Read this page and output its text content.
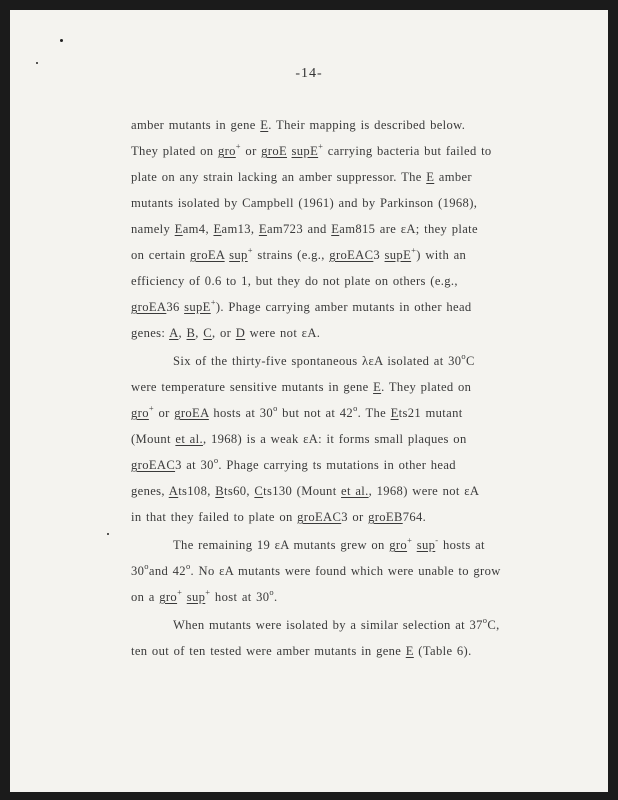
-14-
amber mutants in gene E. Their mapping is described below.
They plated on gro+ or groE supE+ carrying bacteria but failed to
plate on any strain lacking an amber suppressor. The E amber
mutants isolated by Campbell (1961) and by Parkinson (1968),
namely Eam4, Eam13, Eam723 and Eam815 are εA; they plate
on certain groEA sup+ strains (e.g., groEAC3 supE+) with an
efficiency of 0.6 to 1, but they do not plate on others (e.g.,
groEA36 supE+). Phage carrying amber mutants in other head
genes: A, B, C, or D were not εA.
Six of the thirty-five spontaneous λεA isolated at 30$^o$C
were temperature sensitive mutants in gene E. They plated on
gro+ or groEA hosts at 30$^o$ but not at 42$^o$. The Ets21 mutant
(Mount et al., 1968) is a weak εA: it forms small plaques on
groEAC3 at 30$^o$. Phage carrying ts mutations in other head
genes, Ats108, Bts60, Cts130 (Mount et al., 1968) were not εA
in that they failed to plate on groEAC3 or groEB764.
The remaining 19 εA mutants grew on gro+ sup- hosts at
30$^o$and 42$^o$. No εA mutants were found which were unable to grow
on a gro+ sup+ host at 30$^o$.
When mutants were isolated by a similar selection at 37$^o$C,
ten out of ten tested were amber mutants in gene E (Table 6).
